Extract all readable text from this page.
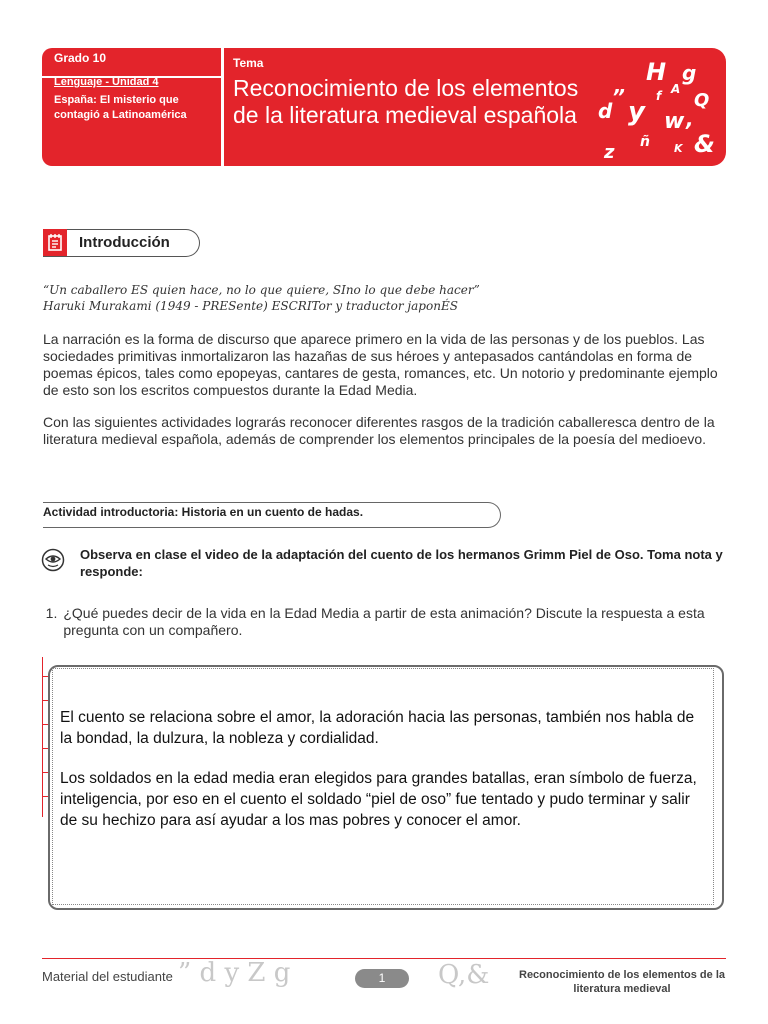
Grado 10
Lenguaje - Unidad 4
España: El misterio que contagió a Latinoamérica
Tema
Reconocimiento de los elementos de la literatura medieval española
H g
f A
Q
d
” y w ,
&
ñ
z	K
Introducción
“Un caballero ES quien hace, no lo que quiere, SIno lo que debe hacer”
Haruki Murakami (1949 - PRESente) ESCRITor y traductor japonÉS
La narración es la forma de discurso que aparece primero en la vida de las personas y de los pueblos. Las sociedades primitivas inmortalizaron las hazañas de sus héroes y antepasados cantándolas en forma de poemas épicos, tales como epopeyas, cantares de gesta, romances, etc. Un notorio y predominante ejemplo de esto son los escritos compuestos durante la Edad Media.
Con las siguientes actividades lograrás reconocer diferentes rasgos de la tradición caballeresca dentro de la literatura medieval española, además de comprender los elementos principales de la poesía del medioevo.
Actividad introductoria: Historia en un cuento de hadas.
Observa en clase el video de la adaptación del cuento de los hermanos Grimm Piel de Oso. Toma nota y responde:
1. ¿Qué puedes decir de la vida en la Edad Media a partir de esta animación? Discute la respuesta a esta pregunta con un compañero.
El cuento se relaciona sobre el amor, la adoración hacia las personas, también nos habla de la bondad, la dulzura, la nobleza y cordialidad.
Los soldados en la edad media eran elegidos para grandes batallas, eran símbolo de fuerza, inteligencia, por eso en el cuento el soldado “piel de oso” fue tentado y pudo terminar y salir de su hechizo para así ayudar a los mas pobres y conocer el amor.
Material del estudiante ” d y Z g	1	Q,&	Reconocimiento de los elementos de la literatura medieval
